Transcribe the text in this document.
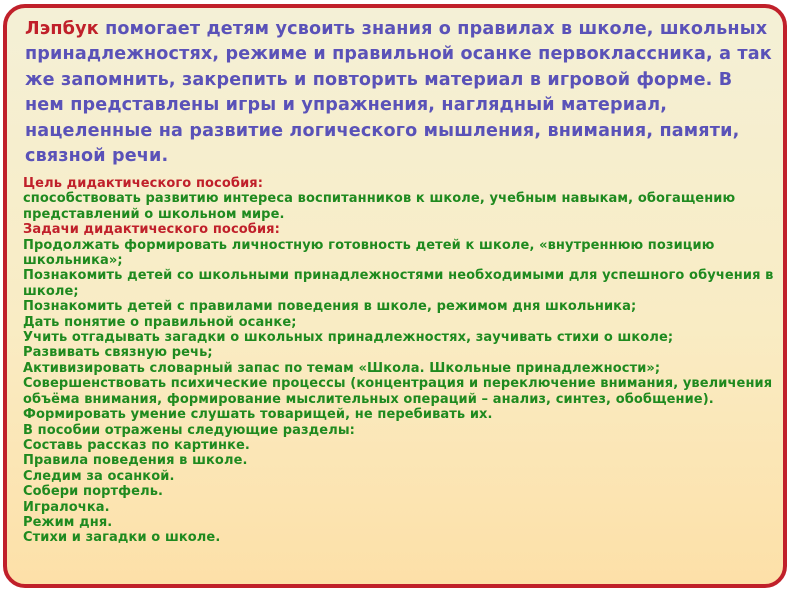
Лэпбук помогает детям усвоить знания о правилах в школе, школьных принадлежностях, режиме и правильной осанке первоклассника, а так же запомнить, закрепить и повторить материал в игровой форме. В нем представлены игры и упражнения, наглядный материал, нацеленные на развитие логического мышления, внимания, памяти, связной речи.

Цель дидактического пособия:
способствовать развитию интереса воспитанников к школе, учебным навыкам, обогащению представлений о школьном мире.
Задачи дидактического пособия:
Продолжать формировать личностную готовность детей к школе, «внутреннюю позицию школьника»;
Познакомить детей со школьными принадлежностями необходимыми для успешного обучения в школе;
Познакомить детей с правилами поведения в школе, режимом дня школьника;
Дать понятие о правильной осанке;
Учить отгадывать загадки о школьных принадлежностях, заучивать стихи о школе;
Развивать связную речь;
Активизировать словарный запас по темам «Школа. Школьные принадлежности»;
Совершенствовать психические процессы (концентрация и переключение внимания, увеличения объёма внимания, формирование мыслительных операций – анализ, синтез, обобщение).
Формировать умение слушать товарищей, не перебивать их.
В пособии отражены следующие разделы:
Составь рассказ по картинке.
Правила поведения в школе.
Следим за осанкой.
Собери портфель.
Игралочка.
Режим дня.
Стихи и загадки о школе.
